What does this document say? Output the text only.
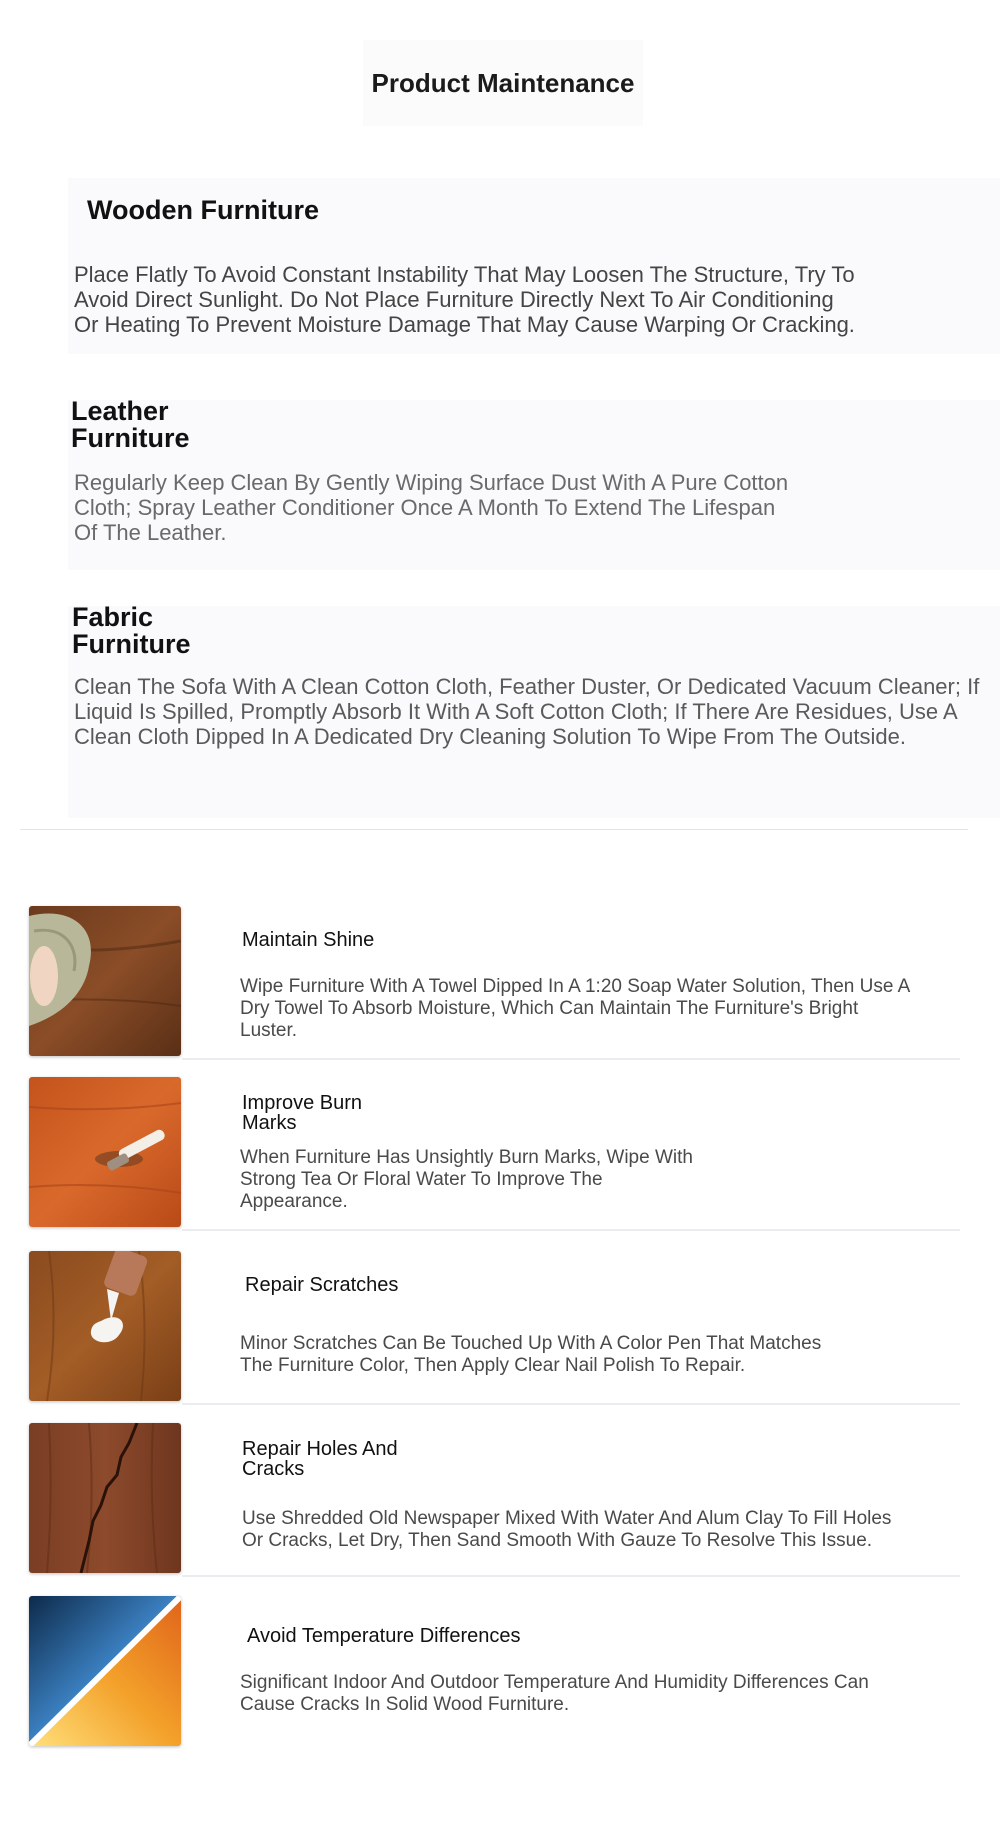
Product Maintenance
Wooden Furniture
Place Flatly To Avoid Constant Instability That May Loosen The Structure, Try To
Avoid Direct Sunlight. Do Not Place Furniture Directly Next To Air Conditioning
Or Heating To Prevent Moisture Damage That May Cause Warping Or Cracking.
Leather
Furniture
Regularly Keep Clean By Gently Wiping Surface Dust With A Pure Cotton
Cloth; Spray Leather Conditioner Once A Month To Extend The Lifespan
Of The Leather.
Fabric
Furniture
Clean The Sofa With A Clean Cotton Cloth, Feather Duster, Or Dedicated Vacuum Cleaner; If
Liquid Is Spilled, Promptly Absorb It With A Soft Cotton Cloth; If There Are Residues, Use A
Clean Cloth Dipped In A Dedicated Dry Cleaning Solution To Wipe From The Outside.
Maintain Shine
Wipe Furniture With A Towel Dipped In A 1:20 Soap Water Solution, Then Use A
Dry Towel To Absorb Moisture, Which Can Maintain The Furniture's Bright
Luster.
Improve Burn
Marks
When Furniture Has Unsightly Burn Marks, Wipe With
Strong Tea Or Floral Water To Improve The
Appearance.
Repair Scratches
Minor Scratches Can Be Touched Up With A Color Pen That Matches
The Furniture Color, Then Apply Clear Nail Polish To Repair.
Repair Holes And
Cracks
Use Shredded Old Newspaper Mixed With Water And Alum Clay To Fill Holes
Or Cracks, Let Dry, Then Sand Smooth With Gauze To Resolve This Issue.
Avoid Temperature Differences
Significant Indoor And Outdoor Temperature And Humidity Differences Can
Cause Cracks In Solid Wood Furniture.
